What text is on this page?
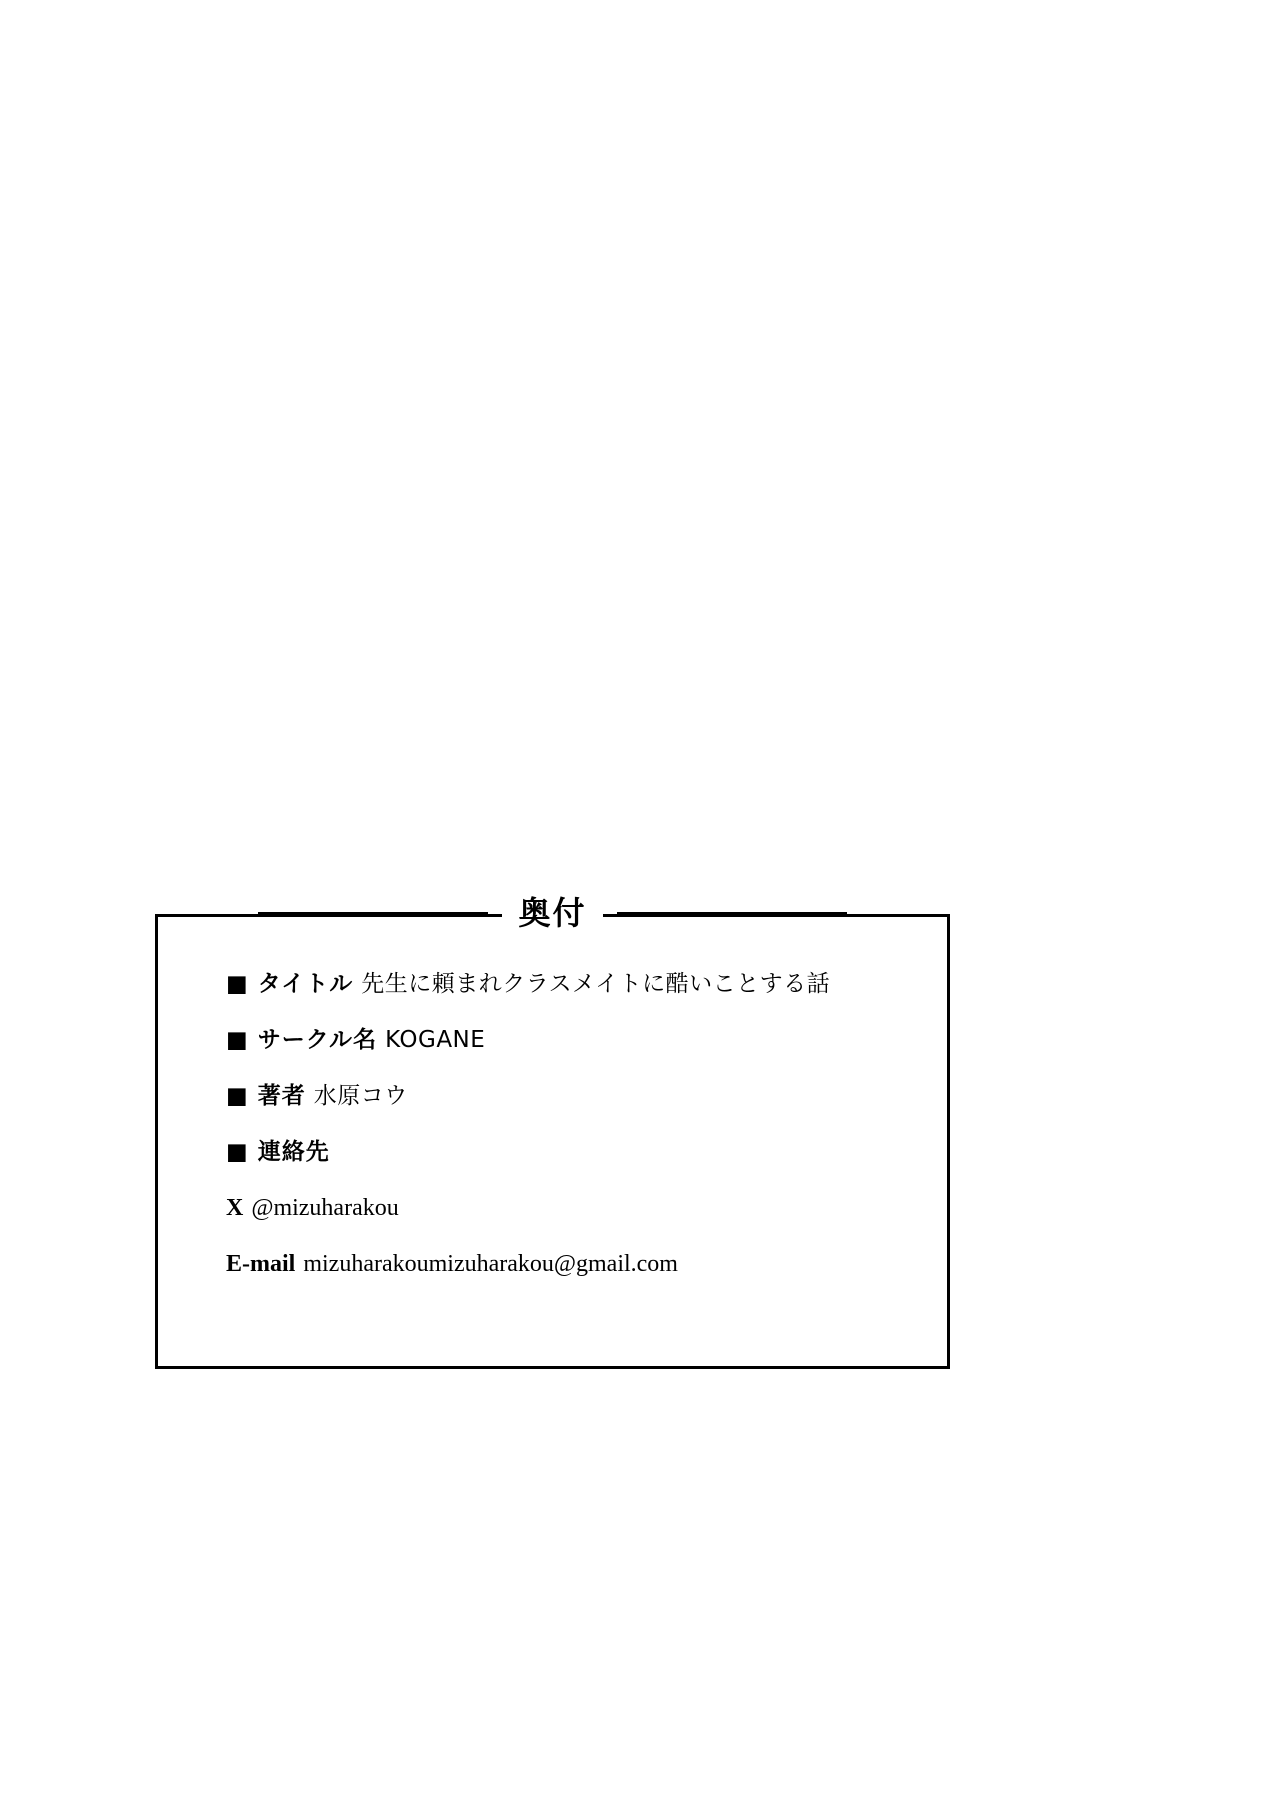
奥付
■ タイトル 先生に頼まれクラスメイトに酷いことする話
■ サークル名 KOGANE
■ 著者 水原コウ
■ 連絡先
X @mizuharakou
E-mail mizuharakoumizuharakou@gmail.com
